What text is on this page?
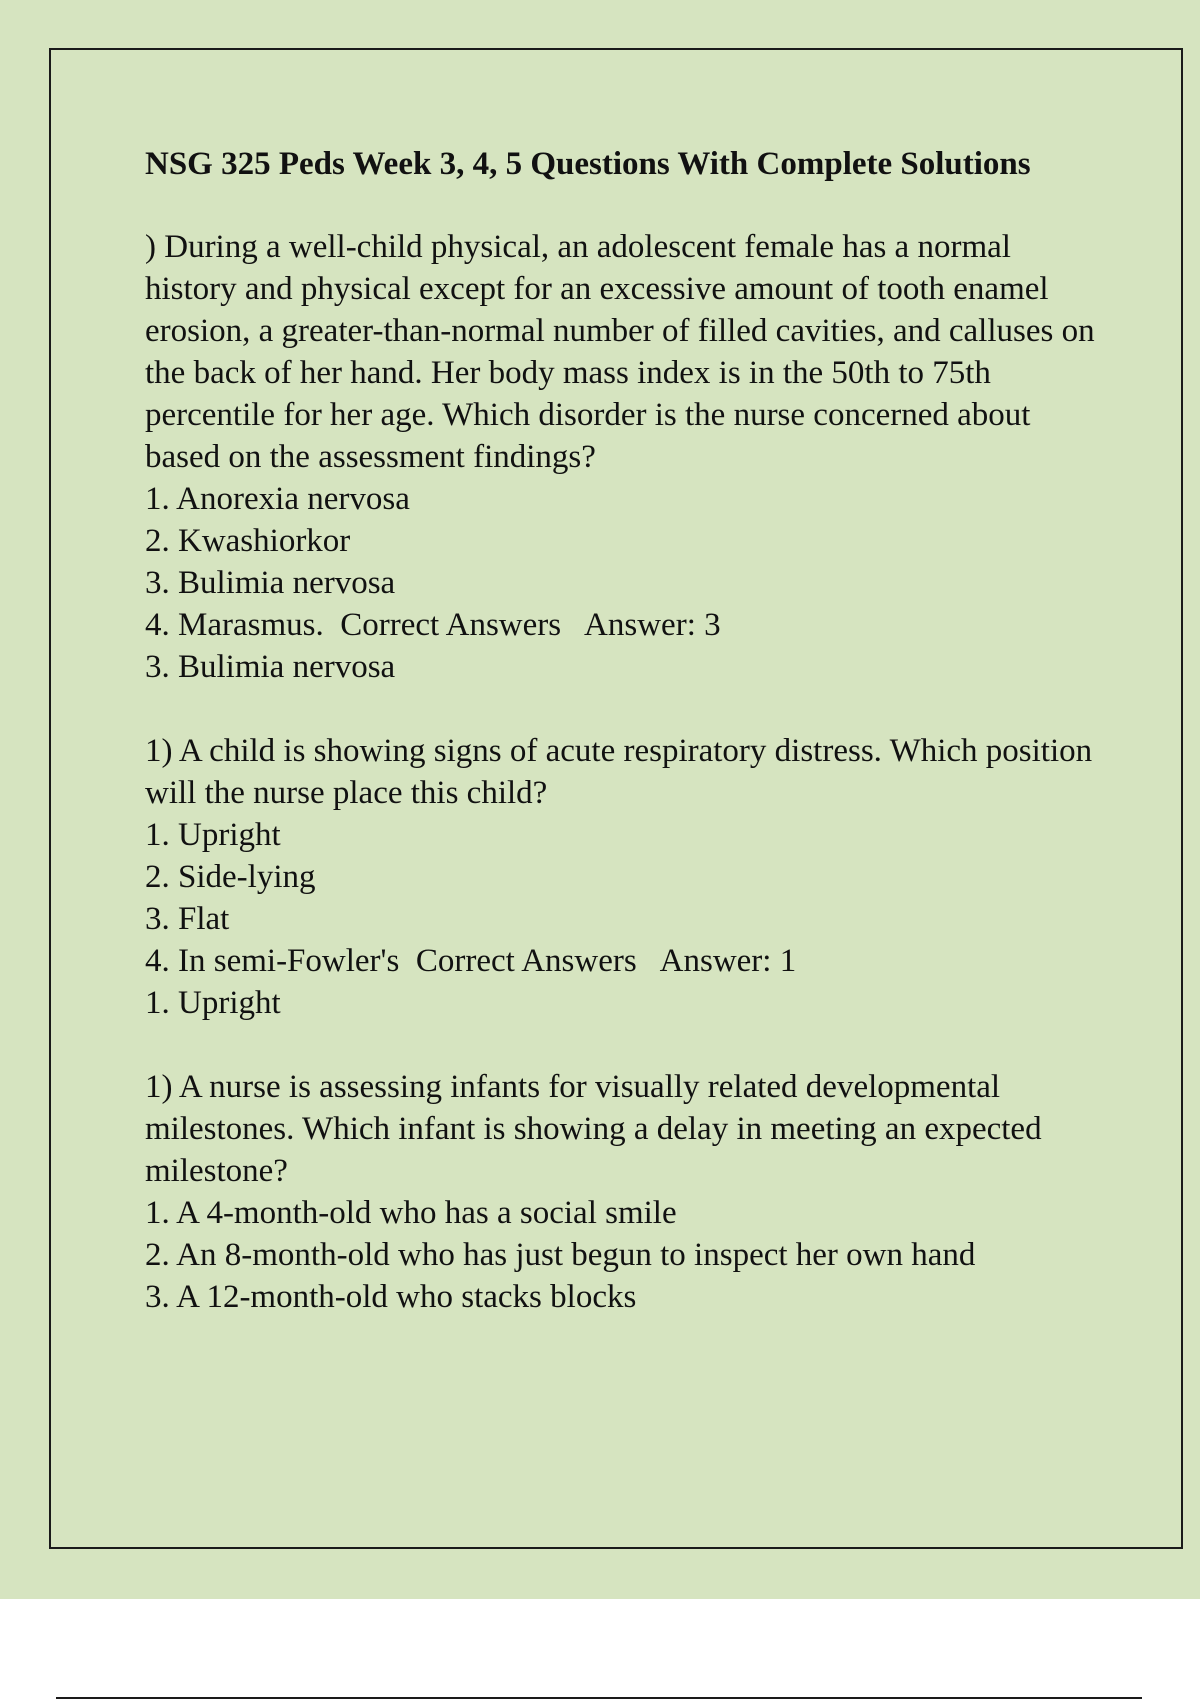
NSG 325 Peds Week 3, 4, 5 Questions With Complete Solutions

) During a well-child physical, an adolescent female has a normal history and physical except for an excessive amount of tooth enamel erosion, a greater-than-normal number of filled cavities, and calluses on the back of her hand. Her body mass index is in the 50th to 75th percentile for her age. Which disorder is the nurse concerned about based on the assessment findings?

1. Anorexia nervosa

2. Kwashiorkor

3. Bulimia nervosa

4. Marasmus. Correct Answers Answer: 3

3. Bulimia nervosa

1) A child is showing signs of acute respiratory distress. Which position will the nurse place this child?

1. Upright

2. Side-lying

3. Flat

4. In semi-Fowler's Correct Answers Answer: 1

1. Upright

1) A nurse is assessing infants for visually related developmental milestones. Which infant is showing a delay in meeting an expected milestone?

1. A 4-month-old who has a social smile

2. An 8-month-old who has just begun to inspect her own hand

3. A 12-month-old who stacks blocks
